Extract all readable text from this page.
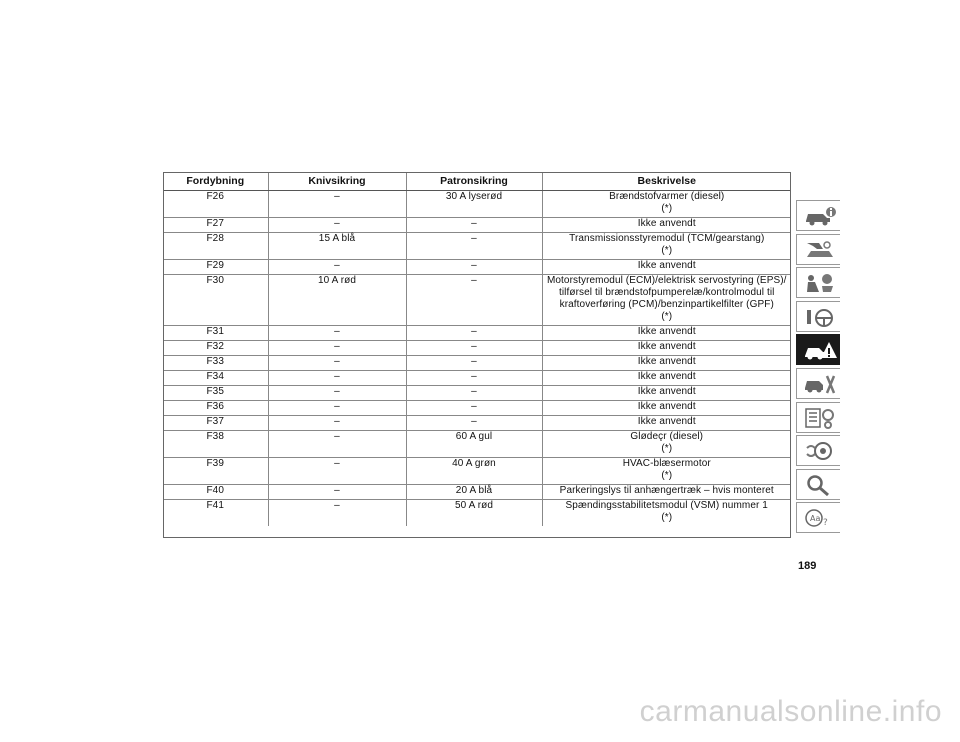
Fordybning	Knivsikring	Patronsikring	Beskrivelse
F26	–	30 A lyserød	Brændstofvarmer (diesel)
(*)

F27	–	–	Ikke anvendt

F28	15 A blå	–	Transmissionsstyremodul (TCM/gearstang)
(*)

F29	–	–	Ikke anvendt

F30	10 A rød	–	Motorstyremodul (ECM)/elektrisk servostyring (EPS)/
tilførsel til brændstofpumperelæ/kontrolmodul til
kraftoverføring (PCM)/benzinpartikelfilter (GPF)
(*)

F31	–	–	Ikke anvendt

F32	–	–	Ikke anvendt

F33	–	–	Ikke anvendt

F34	–	–	Ikke anvendt

F35	–	–	Ikke anvendt

F36	–	–	Ikke anvendt

F37	–	–	Ikke anvendt

F38	–	60 A gul	Glødeçr (diesel)
(*)

F39	–	40 A grøn	HVAC-blæsermotor
(*)

F40	–	20 A blå	Parkeringslys til anhængertræk – hvis monteret

F41	–	50 A rød	Spændingsstabilitetsmodul (VSM) nummer 1
(*)	Aa ?
189
carmanualsonline.info
